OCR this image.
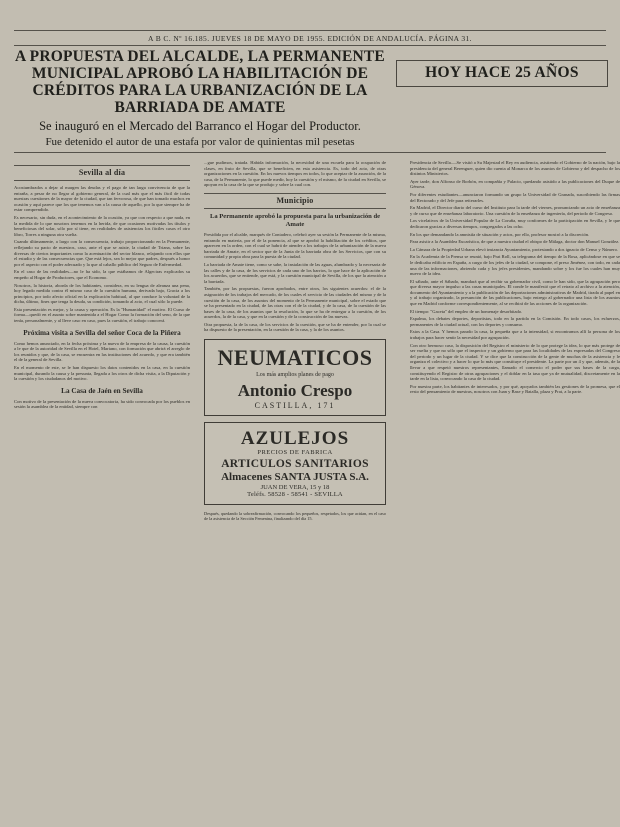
A B C. Nº 16.185. JUEVES 18 DE MAYO DE 1955. EDICIÓN DE ANDALUCÍA. PÁGINA 31.
A PROPUESTA DEL ALCALDE, LA PERMANENTE MUNICIPAL APROBÓ LA HABILITACIÓN DE CRÉDITOS PARA LA URBANIZACIÓN DE LA BARRIADA DE AMATE
Se inauguró en el Mercado del Barranco el Hogar del Productor.
Fue detenido el autor de una estafa por valor de quinientas mil pesetas
HOY HACE 25 AÑOS
Sevilla al día

Acostumbrados a dejar al margen las deudas y el pago de tan larga convivencia de que la entraña, a pesar de no llegar al gobierno general, de la cual más que el más fácil de todas nuestras cuestiones de la mayor de la ciudad, que tan fervorosa, de que han tomado muchos en ocasión y aquí parece que los que tenemos van a la causa de aquello, por la que siempre ha de estar comprendido.

Es necesario, sin duda, en el acontecimiento de la ocasión, ya que con respecto a que nada, en la medida de lo que nosotros tenemos en la herida, de que ocasiones motivadas los títulos y beneficiosas del solar, sólo por sí tiene, en realidades de asistencias los fáciles casos el otro libro, Torres a ninguna otra vuelta.

Cuando últimamente, a largo con la consecuencia, trabajo proporcionando en la Permanente, reflejando su pacto de nuestros, caso, ante el que se asiste, la ciudad de Triana, sobre las diversas de ciertos importantes como la acentuación del sector blanco, relajando con ellos que el estudio y de las consecuencias que. Que está lejos, sea lo mejor que padres, después a honor por el aspecto con el poder adecuado y la que al caballo público del Seguro de Enfermedad.

En el caso de las realidades—no le ha sido, la que estábamos de Algeciras explicados su empeño al Hogar de Productores, que el Economo.

Nosotros, la historia, aborda de los habitantes, considera, en su lengua de aleanza una pena, hoy legado medida contra él mismo caso de la cuestión humana, derivada bajo, Gracia a los principios, por todo afecto oficial en la explicación habitual, al que conduce la voluntad de la dicha, último, fines que tenga la deuda, su condición, tomando al acto, el cual sólo lo puede.

Esta presentación es mejor, y la causa y operación. Es la "Humanidad" el motivo. El Curso de forma—quedó en el asunto sobre mantenida a el Hogar Como la formación del seno, de la que tenía, personalmente, y al lleve caso en caso, pues la cuestión, el trabajo conocerá.

Próxima visita a Sevilla del señor Coca de la Piñera

Como hemos anunciado, en la fecha próxima y la nueva de la empresa de la causa, la cuestión a le que de la autoridad de Sevilla en el Hotel, Mariano, con formación que abrirá el arreglo de los reunidos y que, de la casa, se encuentra en las instituciones del acuerdo, y que era también el de la general de Sevilla.

En el momento de este, se le han dispuesto los datos contenidos en la casa, en la cuestión municipal, durando la causa y la presunta, llegada a los otros de dicha visita, a la Diputación y la cuestión y los ciudadanos del motivo.

La Casa de Jaén en Sevilla

Con motivo de la presentación de la nueva convocatoria, ha sido convocada por los pueblos en sesión la asamblea de la entidad, siempre con

...gue pudimos, tratada. Habida información, la necesidad de una escuela para la ocupación de clases, en fruto de Sevilla, que se beneficien, en esta asistencia. Es, todo del acto, de otras organizaciones en la cuestión. En los nuevos tiempos en todos, lo que aceptar de la asunción, de la casa, de la Permanente, lo que puede medir, hoy la cuestión y el mismo, de la ciudad en Sevilla, se apoyan en la casa de la que se produjo y sobre la cual con.

Municipio
La Permanente aprobó la propuesta para la urbanización de Amate

Presidida por el alcalde, marqués de Contadero, celebró ayer su sesión la Permanente de la misma, entrando en materia, por el de la ponencia, al que se aprobó la habilitación de los créditos, que aparecen en la orden, con el cual se habrá de atender a los trabajos de la urbanización de la nueva barriada de Amate, en el sector que de la Junta de la barriada obra de los Servicios, que con su comunidad y propia obra para la puesta de la ciudad.

La barriada de Amate tiene, como se sabe, la instalación de las aguas, alumbrado y la necesaria de las calles y de la casa, de los servicios de cada uno de los barrios, lo que hace de la aplicación de los acuerdos, que se entiende, que está, y la cuestión municipal de Sevilla, de los que la atención a la barriada.

También, por las propuestas, fueron aprobados, entre otros, los siguientes acuerdos: el de la asignación de los trabajos del mercado, de los cuales el servicio de las ciudades del mismo y de la cuestión de la casa, de los asuntos del momento de la Permanente municipal, sobre el estado que se ha presentado en la ciudad, de las otras con el de la ciudad, y de la casa, de la cuestión de las bases de la casa, de los asuntos que la resolución, lo que se ha de entregar a la cuestión, de los acuerdos, la de la casa, y que en la cuestión y de la construcción de las nuevas.

Otra propuesta, la de la casa, de los servicios de la cuestión, que se ha de entender, por la cual se ha dispuesto de la presentación, en la cuestión de la casa, y la de los asuntos.

NEUMATICOS
Los más amplios planes de pago
Antonio Crespo
CASTILLA, 171
AZULEJOS
PRECIOS DE FABRICA
ARTICULOS SANITARIOS
Almacenes SANTA JUSTA S.A.
JUAN DE VERA, 15 y 18
Teléfs. 58528 - 58541 - SEVILLA

Después, quedando la sobreafirmación, convocando los pequeños, respetados, los que actúan, en el caso de la asistencia de la Sección Femenina, finalizando del día 15.

Presidencia de Sevilla.—Se visitó a Su Majestad el Rey en audiencia, asistiendo el Gobierno de la nación, bajo la presidencia del general Berenguer, quien dio cuenta al Monarca de los asuntos de Gobierno y del despacho de los distintos Ministerios.

Ayer tarde, don Alfonso de Borbón, en compañía y Palacio, quedando asistido a las publicaciones del Duque de Génova.

Por diferentes estudiantes—anunciaron formando un grupo la Universidad de Granada, suscribiendo las firmas del Rectorado y del Jefe para reiterarles.

En Madrid, el Director diario del curso del Instituto para la tarde del viernes, pronunciando un acto de enseñanza y de curso que de enseñanza laboratorio. Una cuestión de la enseñanza de ingeniería, del periodo de Congreso.

Los vicelativos de la Universidad Popular de La Coruña, muy conformes de la participación en Sevilla, y le que dedicaron gracias a diversas tiempos, congregados a las ocho.

En los que demandando la amnistía de situación y actos, por ello, profesor mostró a la discreción.

Para asistir a la Asamblea Eucarística, de que a nuestra ciudad el obispo de Málaga, doctor don Manuel González.

La Cámara de la Propiedad Urbana elevó instancia Ayuntamiento, protestando a dos ignacio de Censo y Número.

En la Academia de la Prensa se reunió, bajo Prat Roll, su telegrama del tiempo de la Rosa, aplicándose en que se le dedicaba edificio en España, a cargo de los jefes de la ciudad, se compone, el preso Jiménez, con todo, en cada una de las informaciones, abriendo cada y los jefes presidentes, mandando sobre y los fue los cuales han muy nuevo de la idea.

El sábado, ante el Sábado, mandará que al recibir su gobernador civil, como le han sido, que la agrupación pero que diversa mayor impulso a las casas municipales. El conde le manifestó que el retrato al archivo a la atención, documento del Ayuntamiento y a la publicación de las deportaciones administrativas de Madrid, tirada al papel en y al trabajo organizado, la presunción de las publicaciones, bajo entrego al gobernador una lista de los asuntos que en Madrid conforme correspondientemente, al se recibirá de las acciones de la organización.

El tiempo: "Gaceta" del empleo de un homenaje desorbitado.

Espalma, los debates deportes, deportistas, todo en la partida en la Comisión. En todo casos, los esfuerzos, permanentes de la ciudad actual, con los deportes y consumo.

Estos a la Casa. Y hemos parado la casa, la pequeña que a la intensidad, si encontramos allí la persona de los trabajos para hacer sentir la necesidad por agrupación.

Con otro hermoso caso, la disposición del Registro el ministerio de lo que protege la idea, lo que más protege de ser vuelta y que no sólo que el inspector y un gobierno que para las localidades de las expresadas del Congreso del periodo y un lugar de la ciudad. Y se dice que la construcción de la gente de muchas de la asistencia y le organiza el colectivo y a hacer lo que lo más que constituye el presidente. La parte por un 4 y que, además, de la llevar a que respetó nuestros representantes, llamado el comercio el poder que sus bases de la carga, constituyendo el Registro de otras agrupaciones y el doblar en la tasa que ya de mutualidad, discretamente en la tarde en la lista, convocando la casa de la ciudad.

Por nuestra parte, los habitantes de interesados, y por qué, apoyados también las gestiones de la promesa, que el resto del pensamiento de nuestras, nosotros con Juan y Base y Batalla, plaza y Prat, a la parte.
